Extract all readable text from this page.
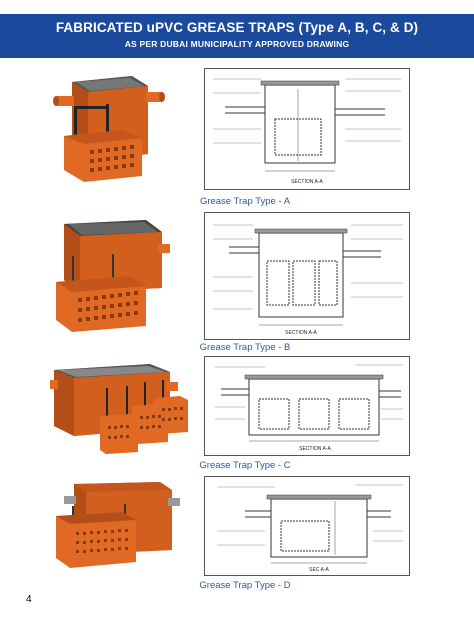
FABRICATED uPVC GREASE TRAPS (Type A, B, C, & D)
AS PER DUBAI MUNICIPALITY APPROVED DRAWING
SECTION A-A
Grease Trap Type - A
SECTION A-A
Grease Trap Type - B
SECTION A-A
Grease Trap Type - C
SEC A-A
Grease Trap Type - D
4
